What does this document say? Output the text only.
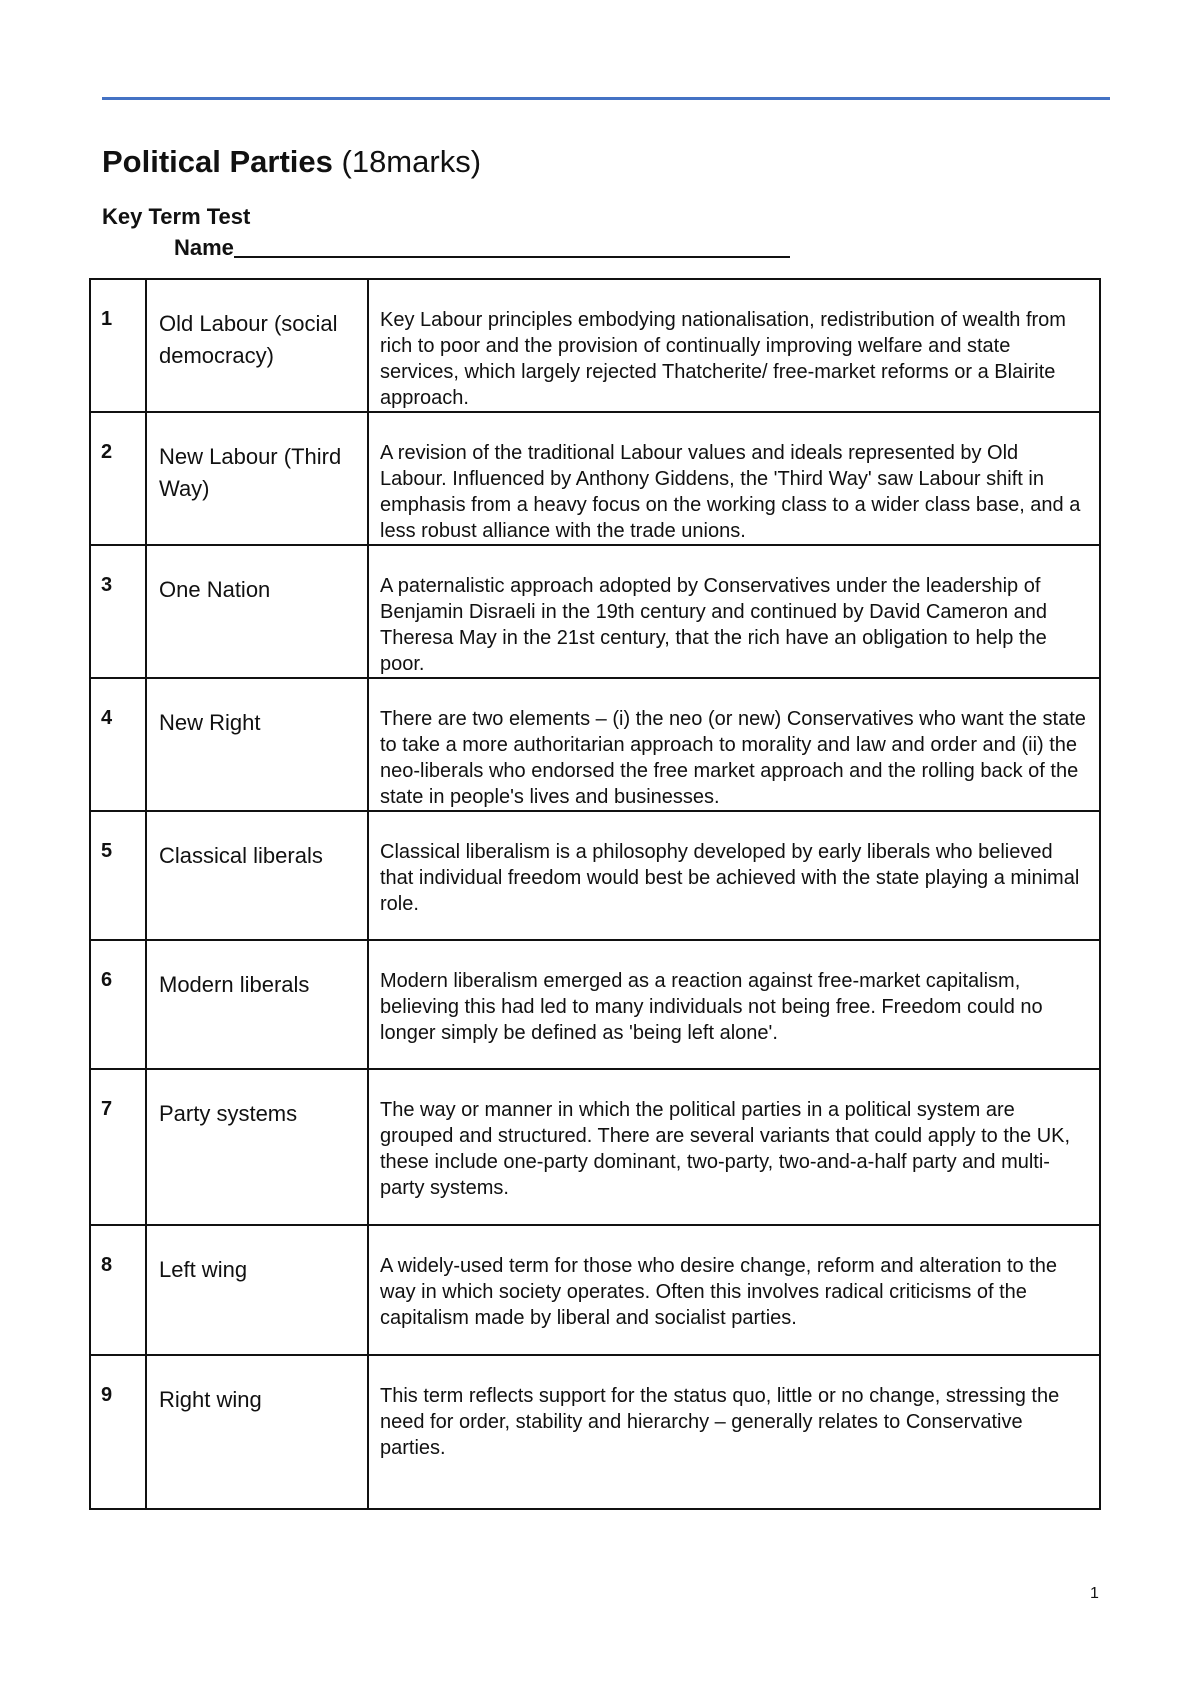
Political Parties (18marks)
Key Term Test
Name
1	Old Labour (social democracy)	Key Labour principles embodying nationalisation, redistribution of wealth from rich to poor and the provision of continually improving welfare and state services, which largely rejected Thatcherite/ free-market reforms or a Blairite approach.
2	New Labour (Third Way)	A revision of the traditional Labour values and ideals represented by Old Labour. Influenced by Anthony Giddens, the 'Third Way' saw Labour shift in emphasis from a heavy focus on the working class to a wider class base, and a less robust alliance with the trade unions.
3	One Nation	A paternalistic approach adopted by Conservatives under the leadership of Benjamin Disraeli in the 19th century and continued by David Cameron and Theresa May in the 21st century, that the rich have an obligation to help the poor.
4	New Right	There are two elements – (i) the neo (or new) Conservatives who want the state to take a more authoritarian approach to morality and law and order and (ii) the neo-liberals who endorsed the free market approach and the rolling back of the state in people's lives and businesses.
5	Classical liberals	Classical liberalism is a philosophy developed by early liberals who believed that individual freedom would best be achieved with the state playing a minimal role.
6	Modern liberals	Modern liberalism emerged as a reaction against free-market capitalism, believing this had led to many individuals not being free. Freedom could no longer simply be defined as 'being left alone'.
7	Party systems	The way or manner in which the political parties in a political system are grouped and structured. There are several variants that could apply to the UK, these include one-party dominant, two-party, two-and-a-half party and multi-party systems.
8	Left wing	A widely-used term for those who desire change, reform and alteration to the way in which society operates. Often this involves radical criticisms of the capitalism made by liberal and socialist parties.
9	Right wing	This term reflects support for the status quo, little or no change, stressing the need for order, stability and hierarchy – generally relates to Conservative parties.
1
